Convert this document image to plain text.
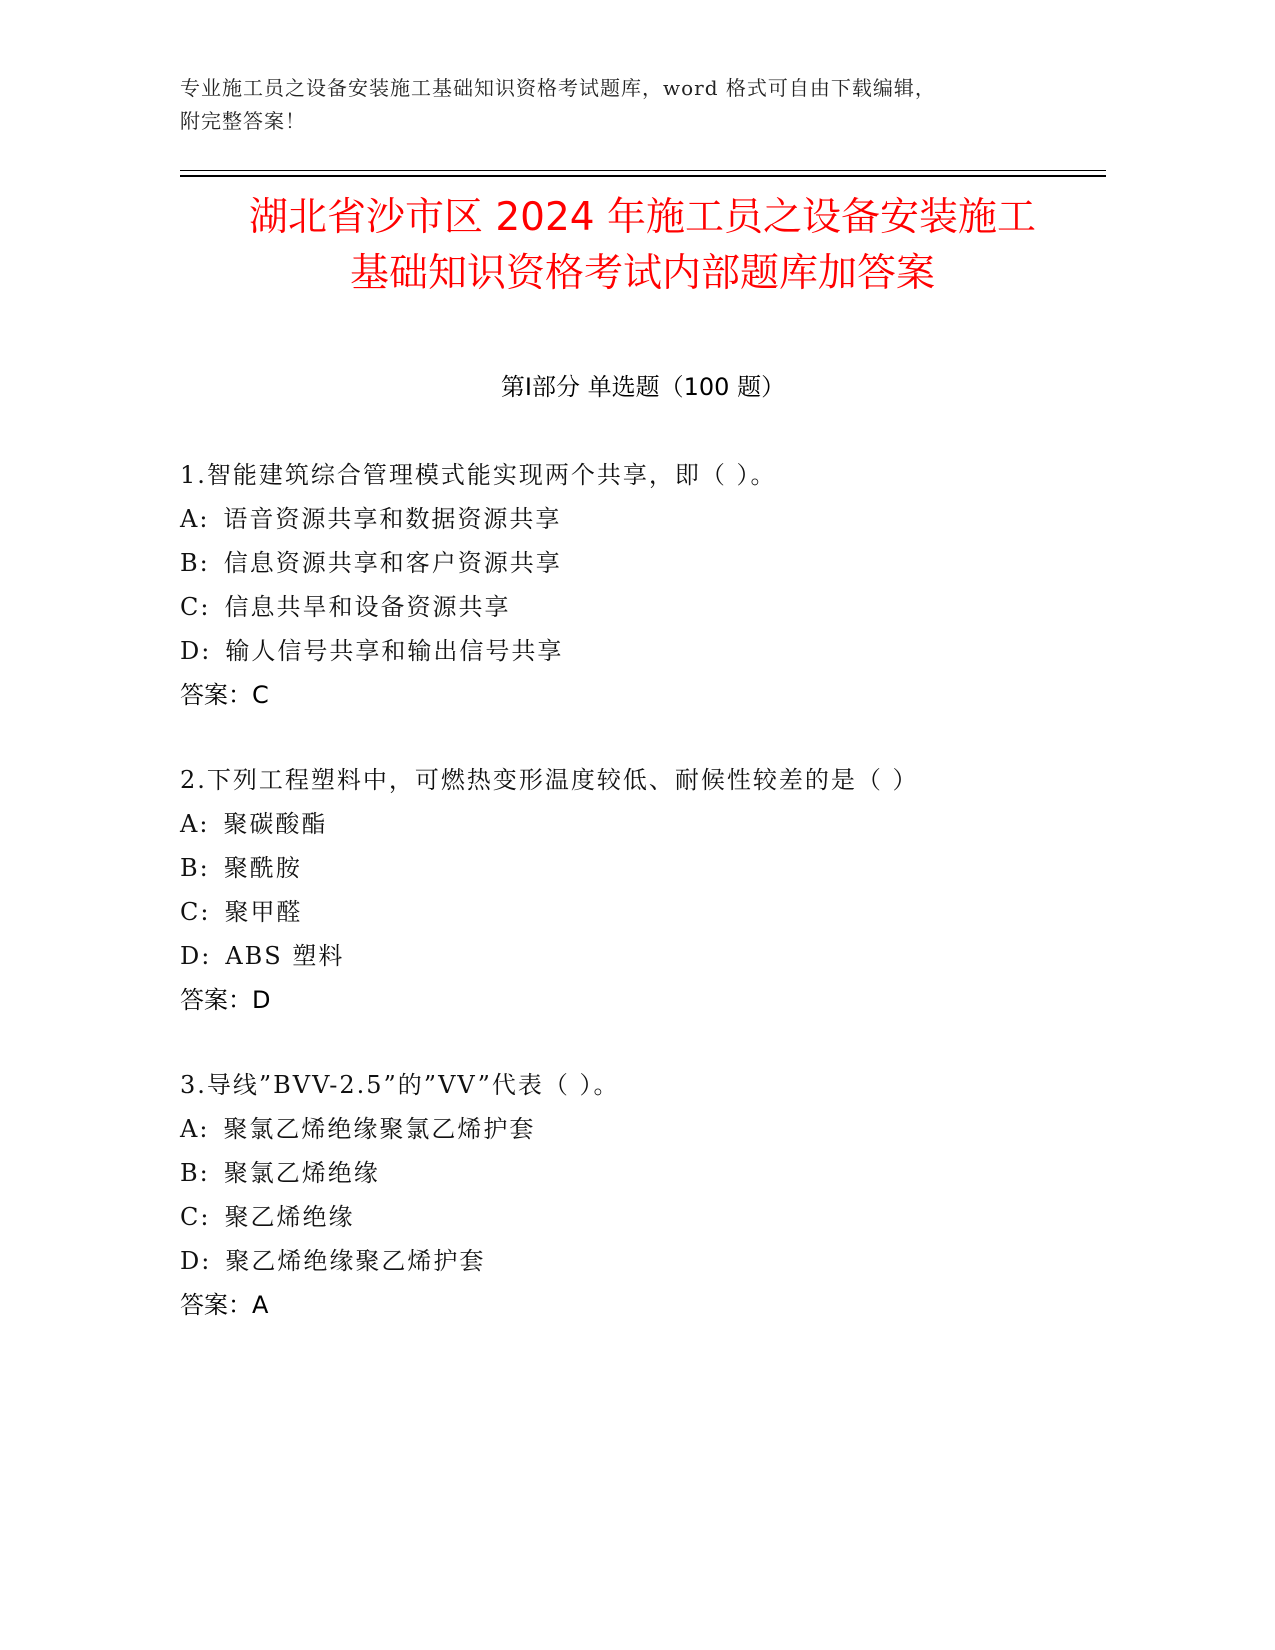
专业施工员之设备安装施工基础知识资格考试题库，word 格式可自由下载编辑，
附完整答案！
湖北省沙市区 2024 年施工员之设备安装施工
基础知识资格考试内部题库加答案
第Ⅰ部分 单选题（100 题）
1.智能建筑综合管理模式能实现两个共享，即（ ）。
A: 语音资源共享和数据资源共享
B: 信息资源共享和客户资源共享
C: 信息共旱和设备资源共享
D: 输人信号共享和输出信号共享
答案：C
2.下列工程塑料中，可燃热变形温度较低、耐候性较差的是（ ）
A: 聚碳酸酯
B: 聚酰胺
C: 聚甲醛
D: ABS 塑料
答案：D
3.导线”BVV-2.5”的”VV”代表（ ）。
A: 聚氯乙烯绝缘聚氯乙烯护套
B: 聚氯乙烯绝缘
C: 聚乙烯绝缘
D: 聚乙烯绝缘聚乙烯护套
答案：A
